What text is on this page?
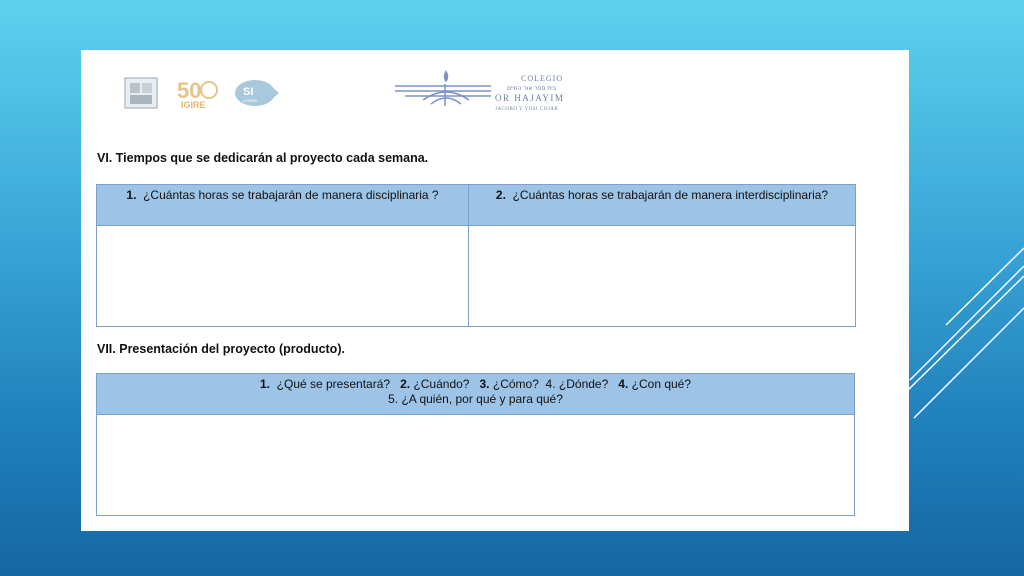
50
IGIRE
SI
LIDERA
COLEGIO
בית ספר אור החיים
OR HAJAYIM
JACOBO Y YOSI COJAB
VI. Tiempos que se dedicarán al proyecto cada semana.
1. ¿Cuántas horas se trabajarán de manera disciplinaria ?	2. ¿Cuántas horas se trabajarán de manera interdisciplinaria?

VII. Presentación del proyecto (producto).
1. ¿Qué se presentará? 2. ¿Cuándo? 3. ¿Cómo? 4. ¿Dónde? 4. ¿Con qué?
5. ¿A quién, por qué y para qué?
